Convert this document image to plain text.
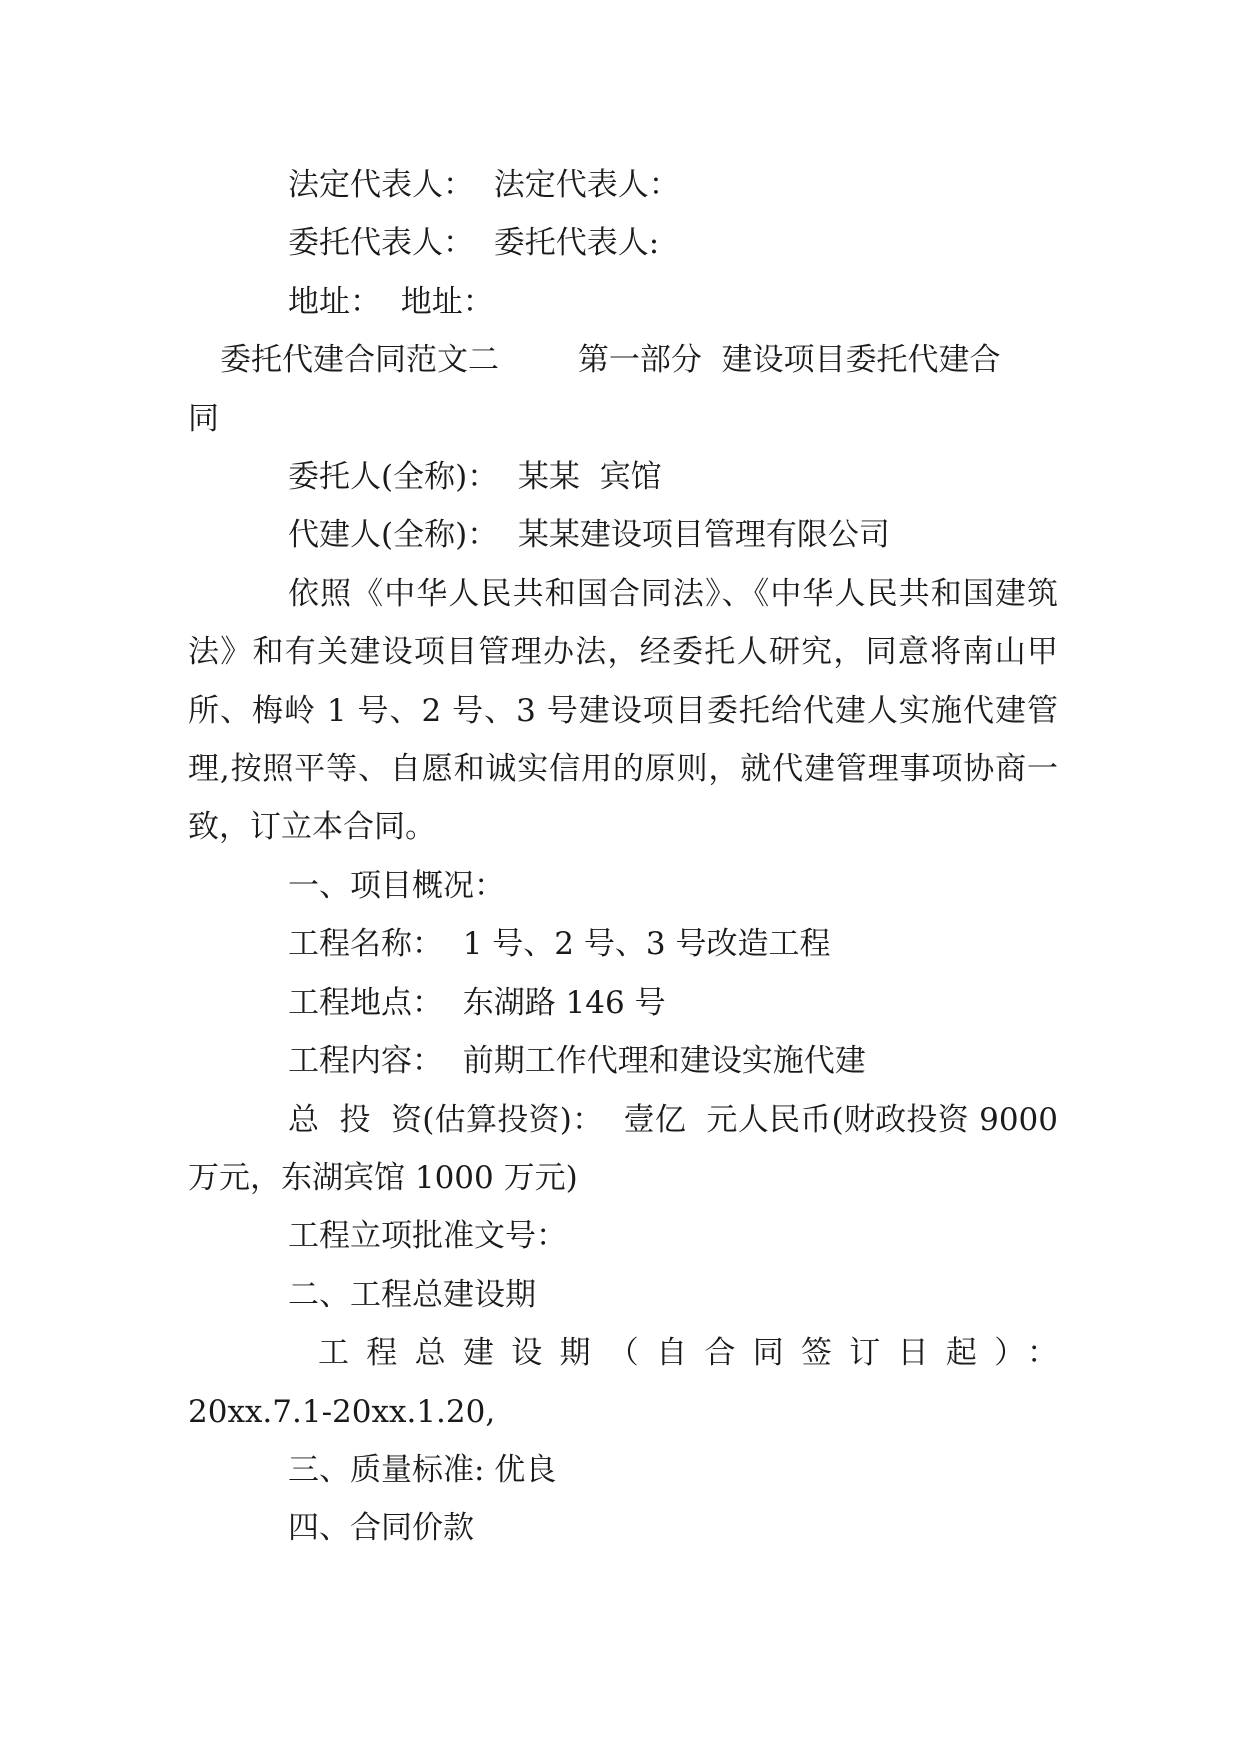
法定代表人：  法定代表人：

委托代表人：  委托代表人:

地址：  地址：

委托代建合同范文二        第一部分  建设项目委托代建合

同

委托人(全称)：  某某  宾馆

代建人(全称)：  某某建设项目管理有限公司

依照《中华人民共和国合同法》、《中华人民共和国建筑法》和有关建设项目管理办法，经委托人研究，同意将南山甲所、梅岭 1 号、2 号、3 号建设项目委托给代建人实施代建管理,按照平等、自愿和诚实信用的原则，就代建管理事项协商一致，订立本合同。

一、项目概况：

工程名称：  1 号、2 号、3 号改造工程

工程地点：  东湖路 146 号

工程内容：  前期工作代理和建设实施代建

总  投  资(估算投资)：  壹亿  元人民币(财政投资 9000 万元，东湖宾馆 1000 万元)

工程立项批准文号：

二、工程总建设期

工程总建设期（自合同签订日起）：

20xx.7.1-20xx.1.20,

三、质量标准: 优良

四、合同价款
